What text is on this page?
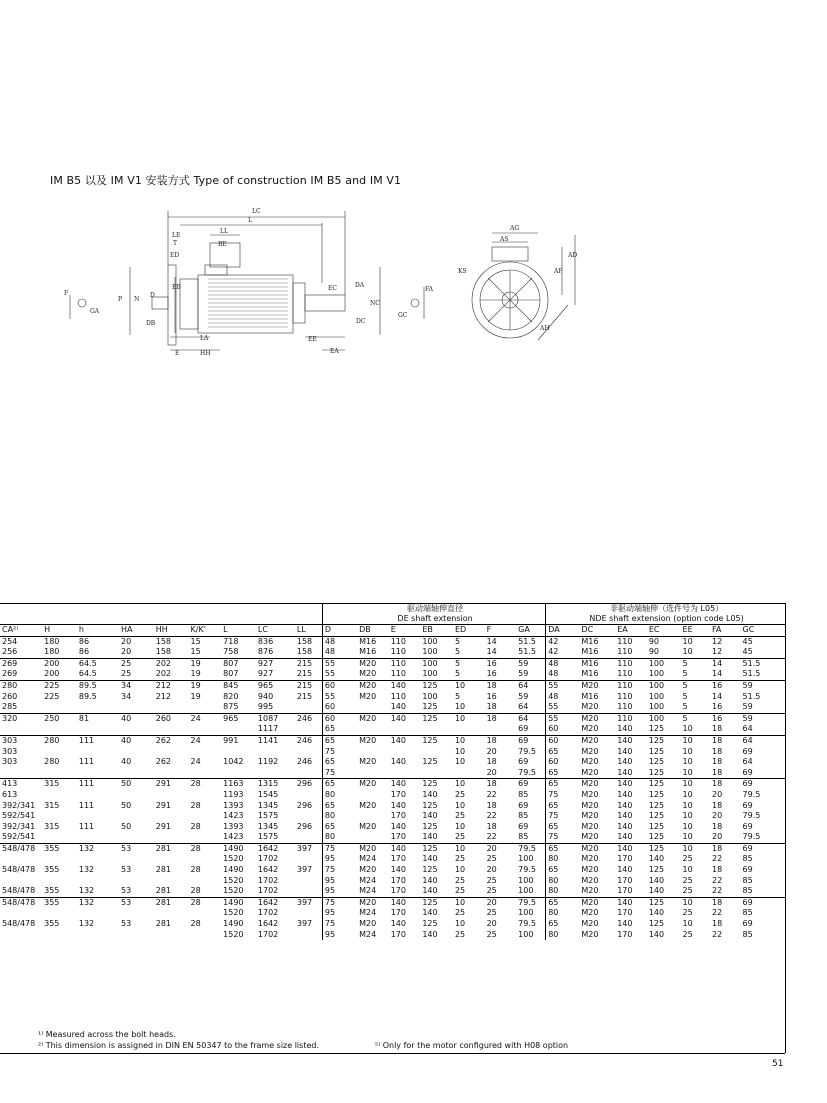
IM B5 以及 IM V1 安装方式 Type of construction IM B5 and IM V1
LC
L
LL
LE
T	BE
ED
EB
D
N
P
DB
LA
E	HH
EC	DA
NC
DC
EE
EA
F
GA
FA
GC
AG
AS
AF
AD
AH
KS
									驱动端轴伸直径
DE shaft extension							非驱动端轴伸（选件号为 L05）
NDE shaft extension (option code L05)						
CA²⁾	H	h	HA	HH	K/K'	L	LC	LL	D	DB	E	EB	ED	F	GA	DA	DC	EA	EC	EE	FA	GC
254	180	86	20	158	15	718	836	158	48	M16	110	100	5	14	51.5	42	M16	110	90	10	12	45
256	180	86	20	158	15	758	876	158	48	M16	110	100	5	14	51.5	42	M16	110	90	10	12	45
269	200	64.5	25	202	19	807	927	215	55	M20	110	100	5	16	59	48	M16	110	100	5	14	51.5
269	200	64.5	25	202	19	807	927	215	55	M20	110	100	5	16	59	48	M16	110	100	5	14	51.5
280	225	89.5	34	212	19	845	965	215	60	M20	140	125	10	18	64	55	M20	110	100	5	16	59
260	225	89.5	34	212	19	820	940	215	55	M20	110	100	5	16	59	48	M16	110	100	5	14	51.5
285						875	995		60		140	125	10	18	64	55	M20	110	100	5	16	59
320	250	81	40	260	24	965	1087	246	60	M20	140	125	10	18	64	55	M20	110	100	5	16	59
							1117		65						69	60	M20	140	125	10	18	64
303	280	111	40	262	24	991	1141	246	65	M20	140	125	10	18	69	60	M20	140	125	10	18	64
303									75				10	20	79.5	65	M20	140	125	10	18	69
303	280	111	40	262	24	1042	1192	246	65	M20	140	125	10	18	69	60	M20	140	125	10	18	64
									75					20	79.5	65	M20	140	125	10	18	69
413	315	111	50	291	28	1163	1315	296	65	M20	140	125	10	18	69	65	M20	140	125	10	18	69
613						1193	1545		80		170	140	25	22	85	75	M20	140	125	10	20	79.5
392/341	315	111	50	291	28	1393	1345	296	65	M20	140	125	10	18	69	65	M20	140	125	10	18	69
592/541						1423	1575		80		170	140	25	22	85	75	M20	140	125	10	20	79.5
392/341	315	111	50	291	28	1393	1345	296	65	M20	140	125	10	18	69	65	M20	140	125	10	18	69
592/541						1423	1575		80		170	140	25	22	85	75	M20	140	125	10	20	79.5
548/478	355	132	53	281	28	1490	1642	397	75	M20	140	125	10	20	79.5	65	M20	140	125	10	18	69
						1520	1702		95	M24	170	140	25	25	100	80	M20	170	140	25	22	85
548/478	355	132	53	281	28	1490	1642	397	75	M20	140	125	10	20	79.5	65	M20	140	125	10	18	69
						1520	1702		95	M24	170	140	25	25	100	80	M20	170	140	25	22	85
548/478	355	132	53	281	28	1520	1702		95	M24	170	140	25	25	100	80	M20	170	140	25	22	85
548/478	355	132	53	281	28	1490	1642	397	75	M20	140	125	10	20	79.5	65	M20	140	125	10	18	69
						1520	1702		95	M24	170	140	25	25	100	80	M20	170	140	25	22	85
548/478	355	132	53	281	28	1490	1642	397	75	M20	140	125	10	20	79.5	65	M20	140	125	10	18	69
						1520	1702		95	M24	170	140	25	25	100	80	M20	170	140	25	22	85
¹⁾ Measured across the bolt heads.
²⁾ This dimension is assigned in DIN EN 50347 to the frame size listed.	⁵⁾ Only for the motor configured with H08 option
51
